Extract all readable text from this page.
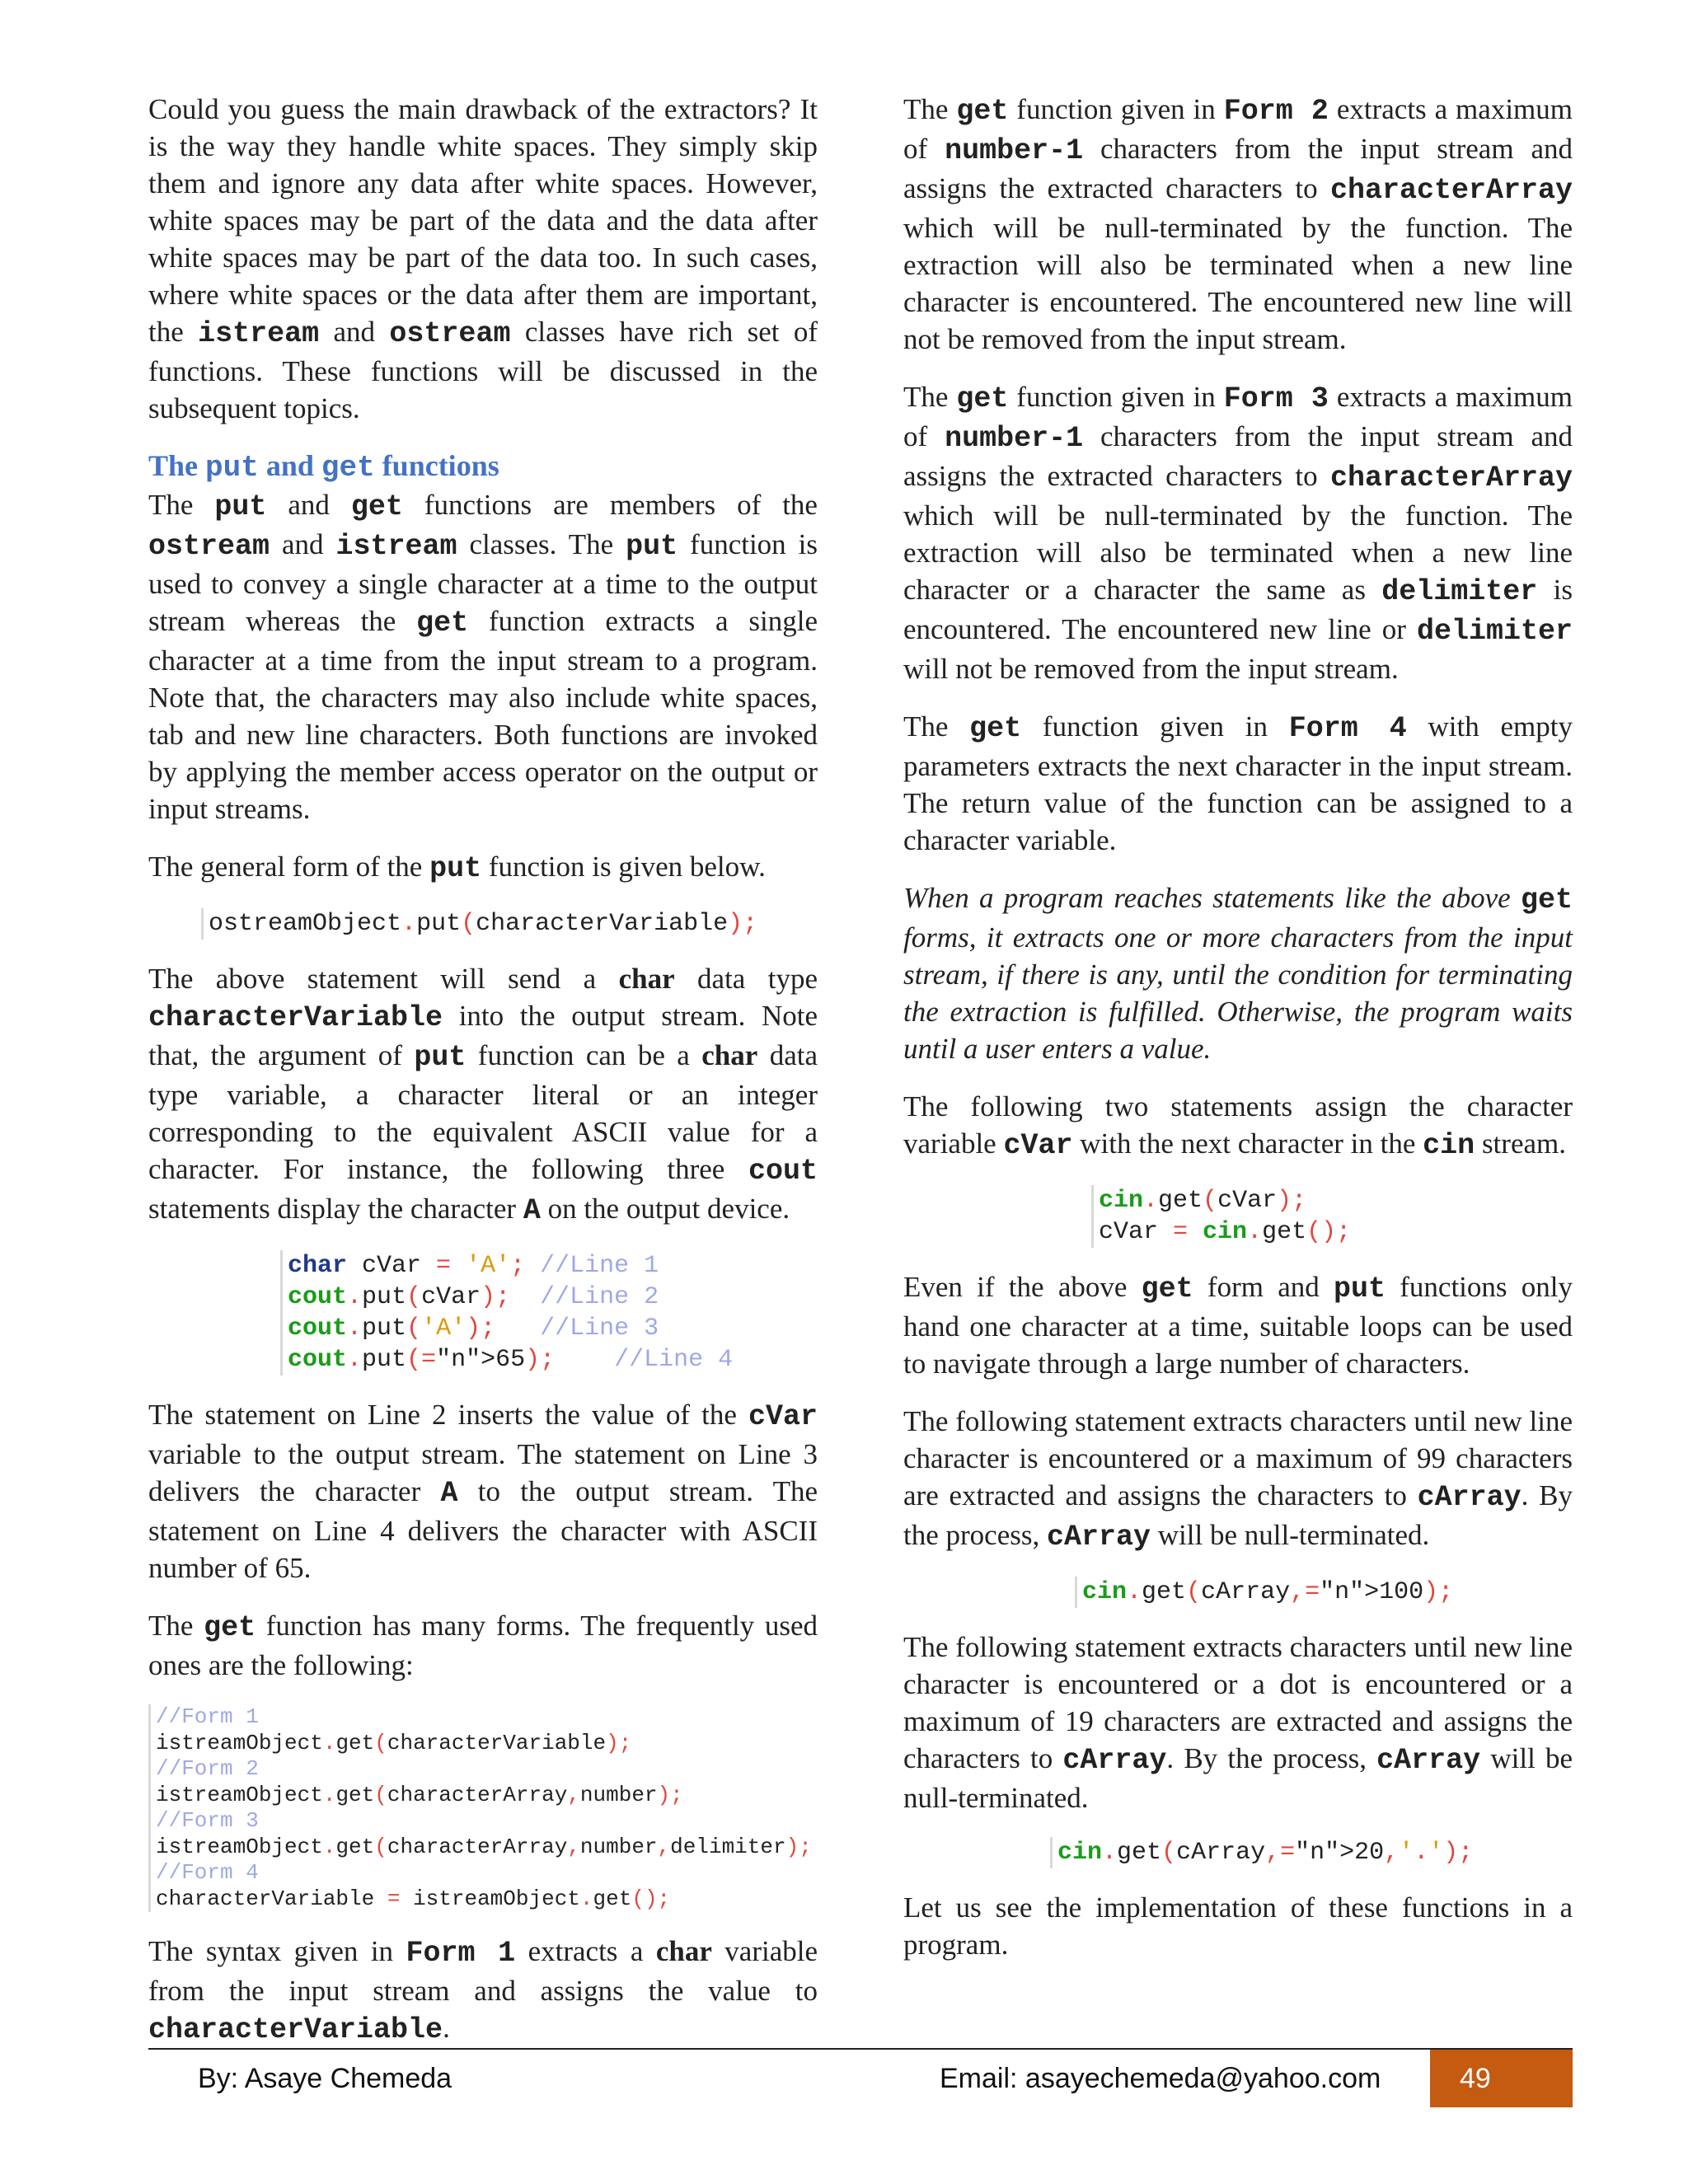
Could you guess the main drawback of the extractors? It is the way they handle white spaces. They simply skip them and ignore any data after white spaces. However, white spaces may be part of the data and the data after white spaces may be part of the data too. In such cases, where white spaces or the data after them are important, the istream and ostream classes have rich set of functions. These functions will be discussed in the subsequent topics.

The put and get functions

The put and get functions are members of the ostream and istream classes. The put function is used to convey a single character at a time to the output stream whereas the get function extracts a single character at a time from the input stream to a program. Note that, the characters may also include white spaces, tab and new line characters. Both functions are invoked by applying the member access operator on the output or input streams.

The general form of the put function is given below.

ostreamObject.put(characterVariable);

The above statement will send a char data type characterVariable into the output stream. Note that, the argument of put function can be a char data type variable, a character literal or an integer corresponding to the equivalent ASCII value for a character. For instance, the following three cout statements display the character A on the output device.

char cVar = 'A'; //Line 1
cout.put(cVar); //Line 2
cout.put('A'); //Line 3
cout.put(="n">65); //Line 4

The statement on Line 2 inserts the value of the cVar variable to the output stream. The statement on Line 3 delivers the character A to the output stream. The statement on Line 4 delivers the character with ASCII number of 65.

The get function has many forms. The frequently used ones are the following:

//Form 1
istreamObject.get(characterVariable);
//Form 2
istreamObject.get(characterArray,number);
//Form 3
istreamObject.get(characterArray,number,delimiter);
//Form 4
characterVariable = istreamObject.get();

The syntax given in Form 1 extracts a char variable from the input stream and assigns the value to characterVariable.

The get function given in Form 2 extracts a maximum of number-1 characters from the input stream and assigns the extracted characters to characterArray which will be null-terminated by the function. The extraction will also be terminated when a new line character is encountered. The encountered new line will not be removed from the input stream.

The get function given in Form 3 extracts a maximum of number-1 characters from the input stream and assigns the extracted characters to characterArray which will be null-terminated by the function. The extraction will also be terminated when a new line character or a character the same as delimiter is encountered. The encountered new line or delimiter will not be removed from the input stream.

The get function given in Form 4 with empty parameters extracts the next character in the input stream. The return value of the function can be assigned to a character variable.

When a program reaches statements like the above get forms, it extracts one or more characters from the input stream, if there is any, until the condition for terminating the extraction is fulfilled. Otherwise, the program waits until a user enters a value.

The following two statements assign the character variable cVar with the next character in the cin stream.

cin.get(cVar);
cVar = cin.get();

Even if the above get form and put functions only hand one character at a time, suitable loops can be used to navigate through a large number of characters.

The following statement extracts characters until new line character is encountered or a maximum of 99 characters are extracted and assigns the characters to cArray. By the process, cArray will be null-terminated.

cin.get(cArray,="n">100);

The following statement extracts characters until new line character is encountered or a dot is encountered or a maximum of 19 characters are extracted and assigns the characters to cArray. By the process, cArray will be null-terminated.

cin.get(cArray,="n">20,'.');

Let us see the implementation of these functions in a program.

By: Asaye Chemeda	Email: asayechemeda@yahoo.com	49
